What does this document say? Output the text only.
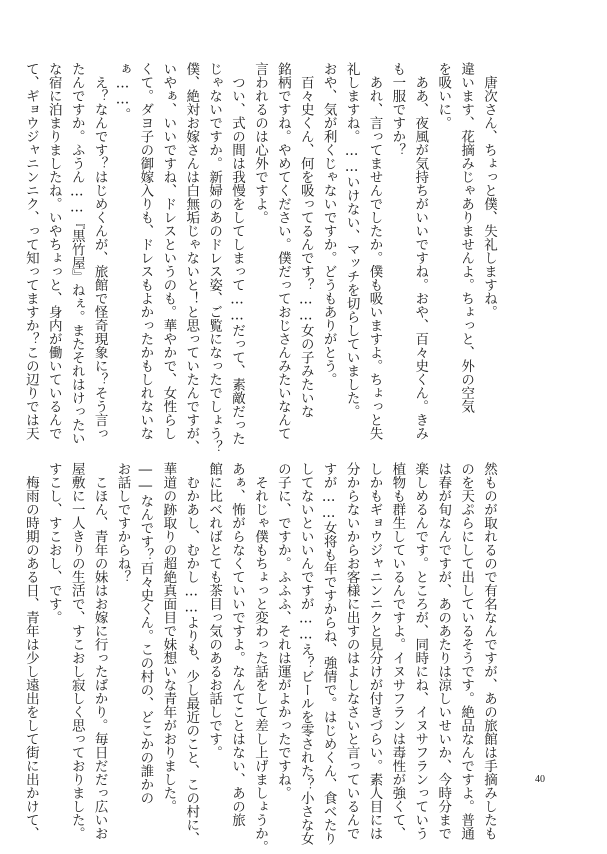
　唐次さん、ちょっと僕、失礼しますね。
違います、花摘みじゃありませんよ。ちょっと、外の空気
を吸いに。
　ああ、夜風が気持ちがいいですね。おや、百々史くん。きみ
も一服ですか？
　あれ、言ってませんでしたか。僕も吸いますよ。ちょっと失
礼しますね。……いけない、マッチを切らしていました。
おや、気が利くじゃないですか。どうもありがとう。
　百々史くん、何を吸ってるんです？……女の子みたいな
銘柄ですね。やめてください。僕だっておじさんみたいなんて
言われるのは心外ですよ。
　つい、式の間は我慢をしてしまって……だって、素敵だった
じゃないですか。新婦のあのドレス姿、ご覧になったでしょう？
僕、絶対お嫁さんは白無垢じゃないと！と思っていたんですが、
いやぁ、いいですね、ドレスというのも。華やかで、女性らし
くて。ダヨ子の御嫁入りも、ドレスもよかったかもしれないな
ぁ……。
　え？なんです？はじめくんが、旅館で怪奇現象に？そう言っ
たんですか。ふうん……『黒竹屋』ねぇ。またそれはけったい
な宿に泊まりましたね。いやちょっと、身内が働いているんで
て、ギョウジャニンニク、って知ってますか？この辺りでは天
然ものが取れるので有名なんですが、あの旅館は手摘みしたも
のを天ぷらにして出しているそうです。絶品なんですよ。普通
は春が旬なんですが、あのあたりは涼しいせいか、今時分まで
楽しめるんです。ところが、同時にね、イヌサフランっていう
植物も群生しているんですよ。イヌサフランは毒性が強くて、
しかもギョウジャニンニクと見分けが付きづらい。素人目には
分からないからお客様に出すのはよしなさいと言っているんで
すが……女将も年ですからね、強情で。はじめくん、食べたり
してないといいんですが……え？ビールを零された？小さな女
の子に、ですか。ふふふ、それは運がよかったですね。
　それじゃ僕もちょっと変わった話をして差し上げましょうか。
あぁ、怖がらなくていいですよ。なんてことはない、あの旅
館に比べればとても茶目っ気のあるお話しです。
　むかあし、むかし……よりも、少し最近のこと、この村に、
華道の跡取りの超絶真面目で妹想いな青年がおりました。
――なんです？百々史くん。この村の、どこかの誰かの
お話しですからね？
　こほん、青年の妹はお嫁に行ったばかり。毎日だだっ広いお
屋敷に一人きりの生活で、すこおし寂しく思っておりました。
すこし、すこおし、です。
　梅雨の時期のある日、青年は少し遠出をして街に出かけて、	40
